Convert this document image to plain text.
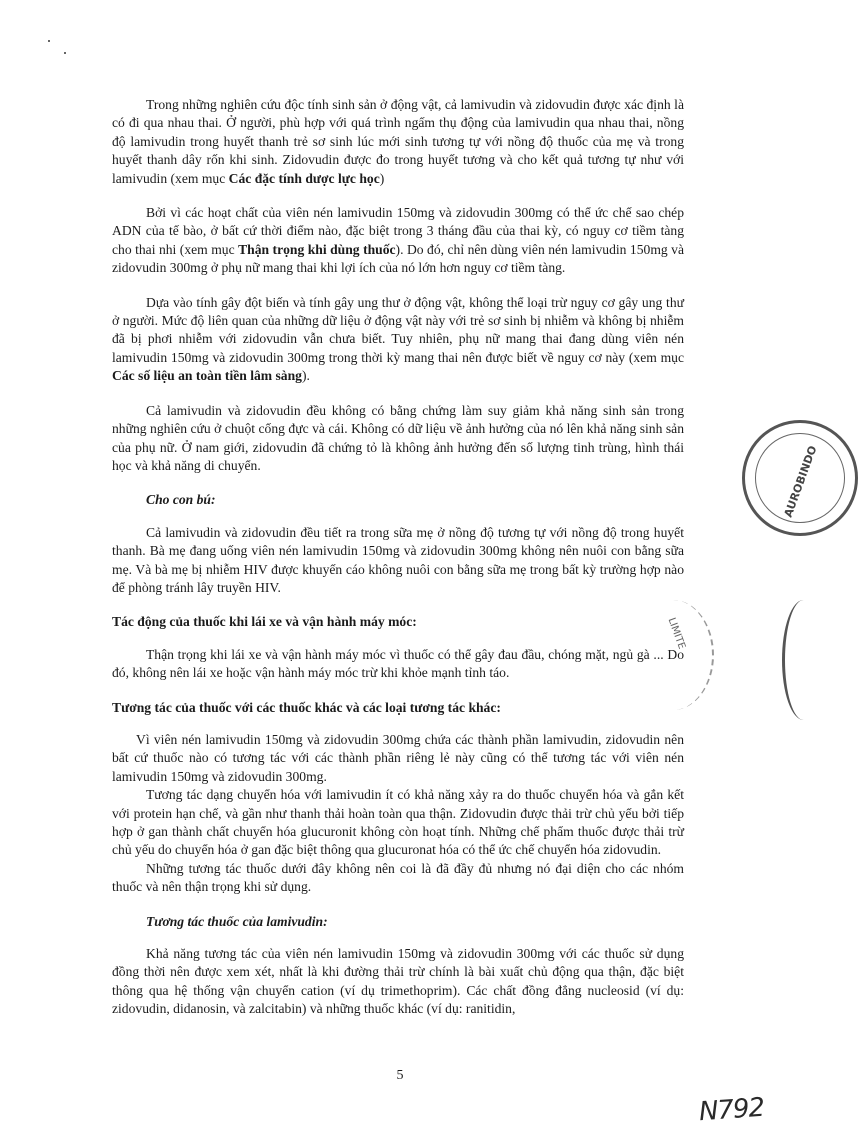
Trong những nghiên cứu độc tính sinh sản ở động vật, cả lamivudin và zidovudin được xác định là có đi qua nhau thai. Ở người, phù hợp với quá trình ngấm thụ động của lamivudin qua nhau thai, nồng độ lamivudin trong huyết thanh trẻ sơ sinh lúc mới sinh tương tự với nồng độ thuốc của mẹ và trong huyết thanh dây rốn khi sinh. Zidovudin được đo trong huyết tương và cho kết quả tương tự như với lamivudin (xem mục Các đặc tính dược lực học)

Bởi vì các hoạt chất của viên nén lamivudin 150mg và zidovudin 300mg có thể ức chế sao chép ADN của tế bào, ở bất cứ thời điểm nào, đặc biệt trong 3 tháng đầu của thai kỳ, có nguy cơ tiềm tàng cho thai nhi (xem mục Thận trọng khi dùng thuốc). Do đó, chỉ nên dùng viên nén lamivudin 150mg và zidovudin 300mg ở phụ nữ mang thai khi lợi ích của nó lớn hơn nguy cơ tiềm tàng.

Dựa vào tính gây đột biến và tính gây ung thư ở động vật, không thể loại trừ nguy cơ gây ung thư ở người. Mức độ liên quan của những dữ liệu ở động vật này với trẻ sơ sinh bị nhiễm và không bị nhiễm đã bị phơi nhiễm với zidovudin vẫn chưa biết. Tuy nhiên, phụ nữ mang thai đang dùng viên nén lamivudin 150mg và zidovudin 300mg trong thời kỳ mang thai nên được biết về nguy cơ này (xem mục Các số liệu an toàn tiền lâm sàng).

Cả lamivudin và zidovudin đều không có bằng chứng làm suy giảm khả năng sinh sản trong những nghiên cứu ở chuột cống đực và cái. Không có dữ liệu về ảnh hưởng của nó lên khả năng sinh sản của phụ nữ. Ở nam giới, zidovudin đã chứng tỏ là không ảnh hưởng đến số lượng tinh trùng, hình thái học và khả năng di chuyển.

Cho con bú:

Cả lamivudin và zidovudin đều tiết ra trong sữa mẹ ở nồng độ tương tự với nồng độ trong huyết thanh. Bà mẹ đang uống viên nén lamivudin 150mg và zidovudin 300mg không nên nuôi con bằng sữa mẹ. Và bà mẹ bị nhiễm HIV được khuyến cáo không nuôi con bằng sữa mẹ trong bất kỳ trường hợp nào để phòng tránh lây truyền HIV.

Tác động của thuốc khi lái xe và vận hành máy móc:

Thận trọng khi lái xe và vận hành máy móc vì thuốc có thể gây đau đầu, chóng mặt, ngủ gà ... Do đó, không nên lái xe hoặc vận hành máy móc trừ khi khỏe mạnh tỉnh táo.

Tương tác của thuốc với các thuốc khác và các loại tương tác khác:

Vì viên nén lamivudin 150mg và zidovudin 300mg chứa các thành phần lamivudin, zidovudin nên bất cứ thuốc nào có tương tác với các thành phần riêng lẻ này cũng có thể tương tác với viên nén lamivudin 150mg và zidovudin 300mg.

Tương tác dạng chuyển hóa với lamivudin ít có khả năng xảy ra do thuốc chuyển hóa và gắn kết với protein hạn chế, và gần như thanh thải hoàn toàn qua thận. Zidovudin được thải trừ chủ yếu bởi tiếp hợp ở gan thành chất chuyển hóa glucuronit không còn hoạt tính. Những chế phẩm thuốc được thải trừ chủ yếu do chuyển hóa ở gan đặc biệt thông qua glucuronat hóa có thể ức chế chuyển hóa zidovudin.

Những tương tác thuốc dưới đây không nên coi là đã đầy đủ nhưng nó đại diện cho các nhóm thuốc và nên thận trọng khi sử dụng.

Tương tác thuốc của lamivudin:

Khả năng tương tác của viên nén lamivudin 150mg và zidovudin 300mg với các thuốc sử dụng đồng thời nên được xem xét, nhất là khi đường thải trừ chính là bài xuất chủ động qua thận, đặc biệt thông qua hệ thống vận chuyển cation (ví dụ trimethoprim). Các chất đồng đẳng nucleosid (ví dụ: zidovudin, didanosin, và zalcitabin) và những thuốc khác (ví dụ: ranitidin,

5
AUROBINDO
LIMITE
N792
